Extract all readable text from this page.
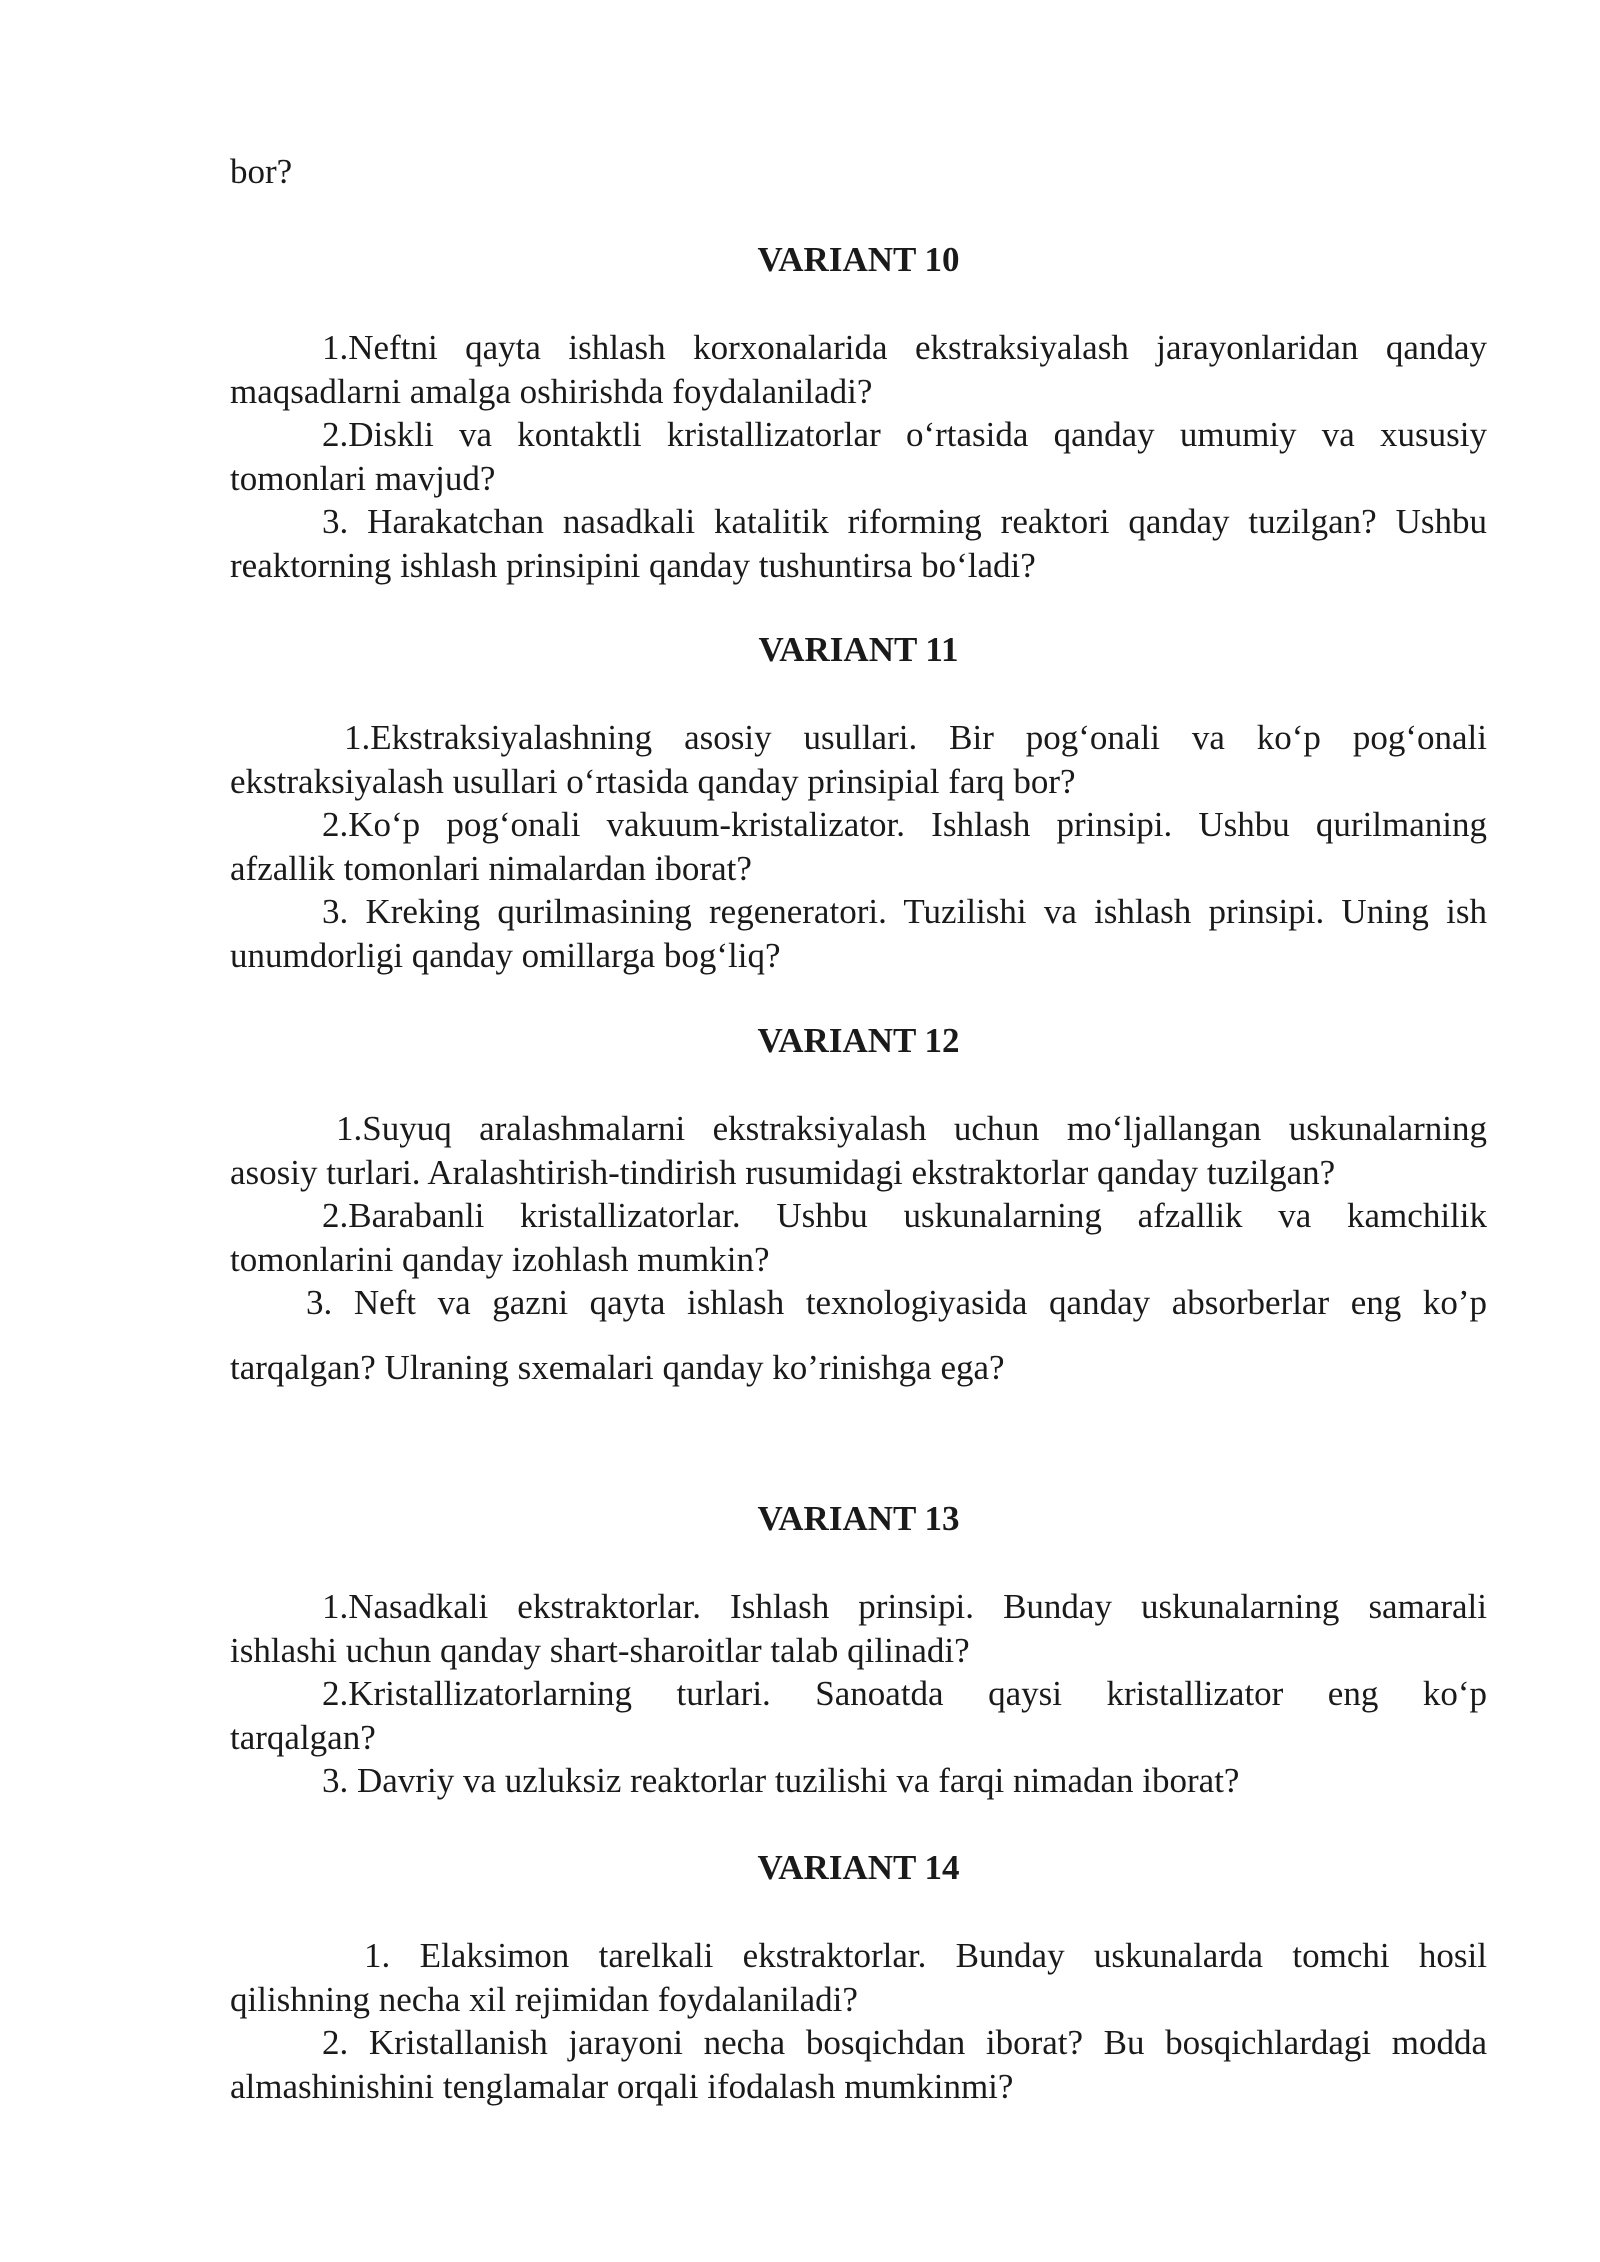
bor?

VARIANT 10

1.Neftni qayta ishlash korxonalarida ekstraksiyalash jarayonlaridan qanday
maqsadlarni amalga oshirishda foydalaniladi?
2.Diskli va kontaktli kristallizatorlar o‘rtasida qanday umumiy va xususiy
tomonlari mavjud?
3. Harakatchan nasadkali katalitik riforming reaktori qanday tuzilgan? Ushbu
reaktorning ishlash prinsipini qanday tushuntirsa bo‘ladi?

VARIANT 11

1.Ekstraksiyalashning asosiy usullari. Bir pog‘onali va ko‘p pog‘onali
ekstraksiyalash usullari o‘rtasida qanday prinsipial farq bor?
2.Ko‘p pog‘onali vakuum-kristalizator. Ishlash prinsipi. Ushbu qurilmaning
afzallik tomonlari nimalardan iborat?
3. Kreking qurilmasining regeneratori. Tuzilishi va ishlash prinsipi. Uning ish
unumdorligi qanday omillarga bog‘liq?

VARIANT 12

1.Suyuq aralashmalarni ekstraksiyalash uchun mo‘ljallangan uskunalarning
asosiy turlari. Aralashtirish-tindirish rusumidagi ekstraktorlar qanday tuzilgan?
2.Barabanli kristallizatorlar. Ushbu uskunalarning afzallik va kamchilik
tomonlarini qanday izohlash mumkin?
3. Neft va gazni qayta ishlash texnologiyasida qanday absorberlar eng ko’p
tarqalgan? Ulraning sxemalari qanday ko’rinishga ega?

VARIANT 13

1.Nasadkali ekstraktorlar. Ishlash prinsipi. Bunday uskunalarning samarali
ishlashi uchun qanday shart-sharoitlar talab qilinadi?
2.Kristallizatorlarning turlari. Sanoatda qaysi kristallizator eng ko‘p
tarqalgan?
3. Davriy va uzluksiz reaktorlar tuzilishi va farqi nimadan iborat?

VARIANT 14

1. Elaksimon tarelkali ekstraktorlar. Bunday uskunalarda tomchi hosil
qilishning necha xil rejimidan foydalaniladi?
2. Kristallanish jarayoni necha bosqichdan iborat? Bu bosqichlardagi modda
almashinishini tenglamalar orqali ifodalash mumkinmi?
